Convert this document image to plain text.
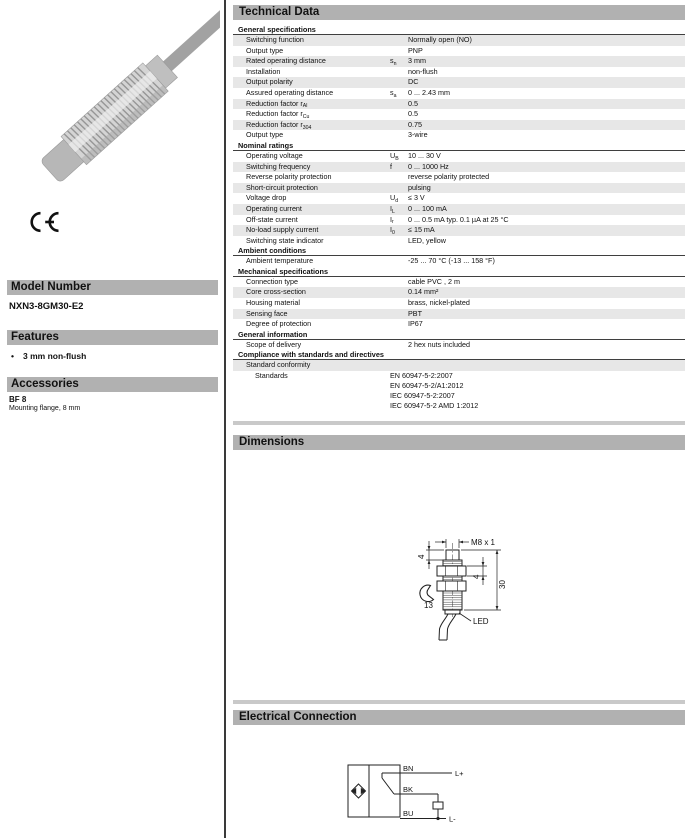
Model Number
NXN3-8GM30-E2
Features
• 3 mm non-flush
Accessories
BF 8
Mounting flange, 8 mm
Technical Data
General specifications
Switching function	Normally open (NO)
Output type	PNP
Rated operating distance	$s_n$	3 mm
Installation	non-flush
Output polarity	DC
Assured operating distance	$s_a$	0 ... 2.43 mm
Reduction factor $r_{Al}$	0.5
Reduction factor $r_{Cu}$	0.5
Reduction factor $r_{304}$	0.75
Output type	3-wire
Nominal ratings
Operating voltage	$U_B$	10 ... 30 V
Switching frequency	f	0 ... 1000 Hz
Reverse polarity protection	reverse polarity protected
Short-circuit protection	pulsing
Voltage drop	$U_d$	≤ 3 V
Operating current	$I_L$	0 ... 100 mA
Off-state current	$I_r$	0 ... 0.5 mA typ. 0.1 µA at 25 °C
No-load supply current	$I_0$	≤ 15 mA
Switching state indicator	LED, yellow
Ambient conditions
Ambient temperature	-25 ... 70 °C (-13 ... 158 °F)
Mechanical specifications
Connection type	cable PVC , 2 m
Core cross-section	0.14 mm²
Housing material	brass, nickel-plated
Sensing face	PBT
Degree of protection	IP67
General information
Scope of delivery	2 hex nuts included
Compliance with standards and directives
Standard conformity
Standards	EN 60947-5-2:2007
EN 60947-5-2/A1:2012
IEC 60947-5-2:2007
IEC 60947-5-2 AMD 1:2012
Dimensions
M8 x 1
4
4
30
13
LED
Electrical Connection
BN
BK
BU
L+
L-
